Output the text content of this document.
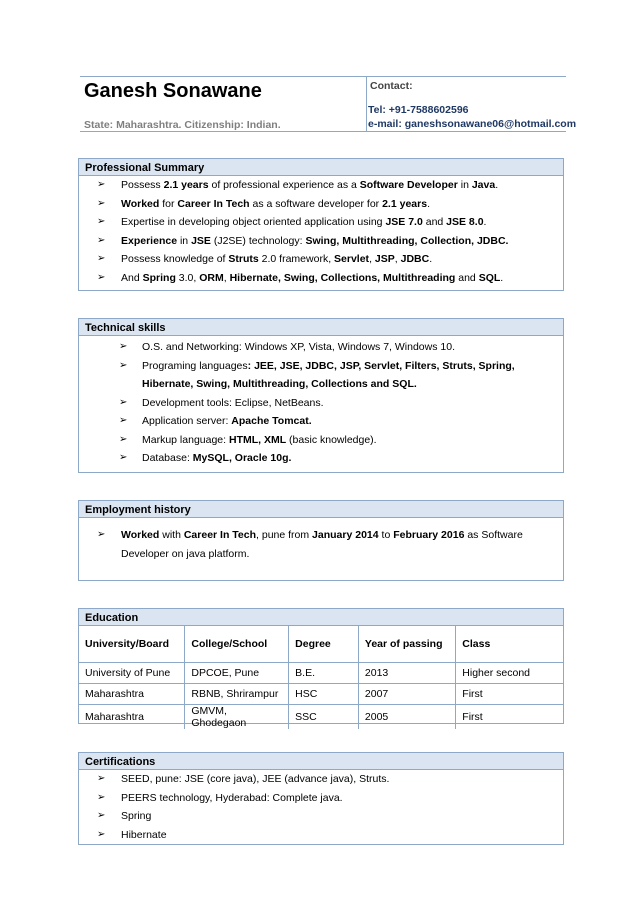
Ganesh Sonawane
State: Maharashtra. Citizenship: Indian.
Contact:
Tel: +91-7588602596
e-mail: ganeshsonawane06@hotmail.com
Professional Summary
➢ Possess 2.1 years of professional experience as a Software Developer in Java.
➢ Worked for Career In Tech as a software developer for 2.1 years.
➢ Expertise in developing object oriented application using JSE 7.0 and JSE 8.0.
➢ Experience in JSE (J2SE) technology: Swing, Multithreading, Collection, JDBC.
➢ Possess knowledge of Struts 2.0 framework, Servlet, JSP, JDBC.
➢ And Spring 3.0, ORM, Hibernate, Swing, Collections, Multithreading and SQL.
Technical skills
➢ O.S. and Networking: Windows XP, Vista, Windows 7, Windows 10.
➢ Programing languages: JEE, JSE, JDBC, JSP, Servlet, Filters, Struts, Spring, Hibernate, Swing, Multithreading, Collections and SQL.
➢ Development tools: Eclipse, NetBeans.
➢ Application server: Apache Tomcat.
➢ Markup language: HTML, XML (basic knowledge).
➢ Database: MySQL, Oracle 10g.
Employment history
➢ Worked with Career In Tech, pune from January 2014 to February 2016 as Software Developer on java platform.
Education
University/Board	College/School	Degree	Year of passing	Class
University of Pune	DPCOE, Pune	B.E.	2013	Higher second
Maharashtra	RBNB, Shrirampur	HSC	2007	First
Maharashtra	GMVM, Ghodegaon	SSC	2005	First
Certifications
➢ SEED, pune: JSE (core java), JEE (advance java), Struts.
➢ PEERS technology, Hyderabad: Complete java.
➢ Spring
➢ Hibernate
